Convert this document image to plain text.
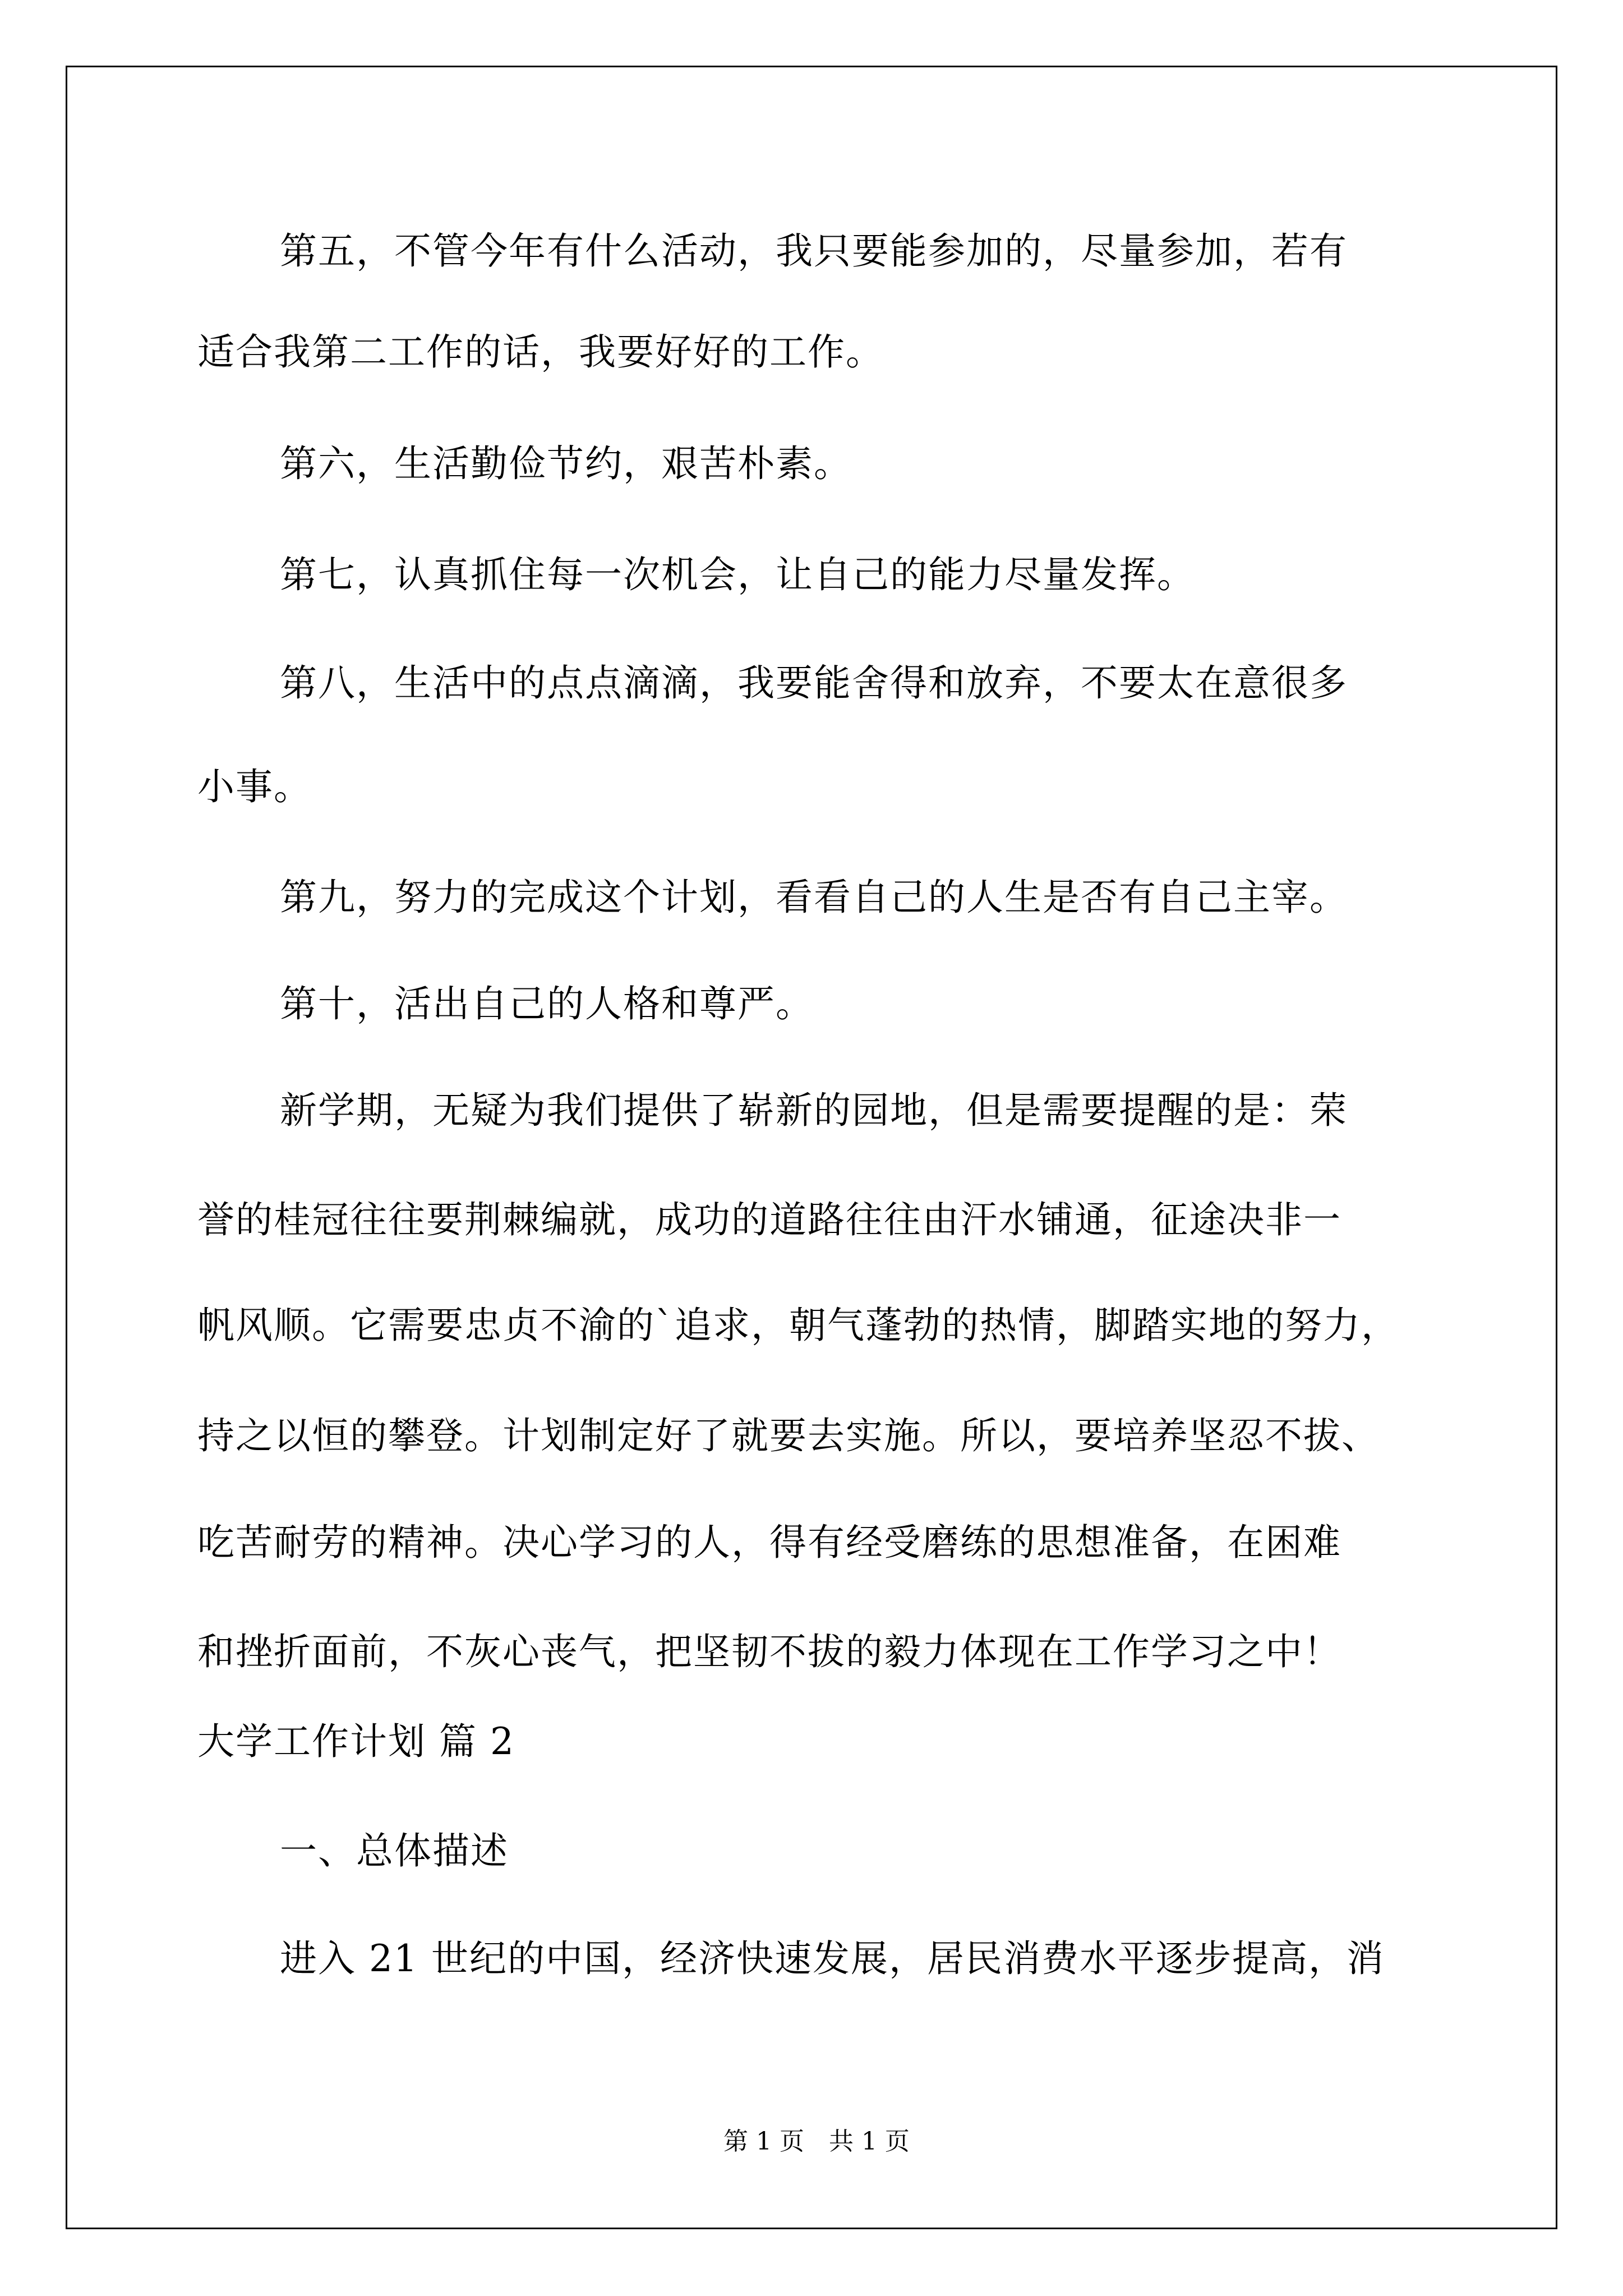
第五，不管今年有什么活动，我只要能参加的，尽量参加，若有

适合我第二工作的话，我要好好的工作。

第六，生活勤俭节约，艰苦朴素。

第七，认真抓住每一次机会，让自己的能力尽量发挥。

第八，生活中的点点滴滴，我要能舍得和放弃，不要太在意很多

小事。

第九，努力的完成这个计划，看看自己的人生是否有自己主宰。

第十，活出自己的人格和尊严。

新学期，无疑为我们提供了崭新的园地，但是需要提醒的是：荣

誉的桂冠往往要荆棘编就，成功的道路往往由汗水铺通，征途决非一

帆风顺。它需要忠贞不渝的`追求，朝气蓬勃的热情，脚踏实地的努力，

持之以恒的攀登。计划制定好了就要去实施。所以，要培养坚忍不拔、

吃苦耐劳的精神。决心学习的人，得有经受磨练的思想准备，在困难

和挫折面前，不灰心丧气，把坚韧不拔的毅力体现在工作学习之中！

大学工作计划 篇 2

一、总体描述

进入 21 世纪的中国，经济快速发展，居民消费水平逐步提高，消

第 1 页　共 1 页
